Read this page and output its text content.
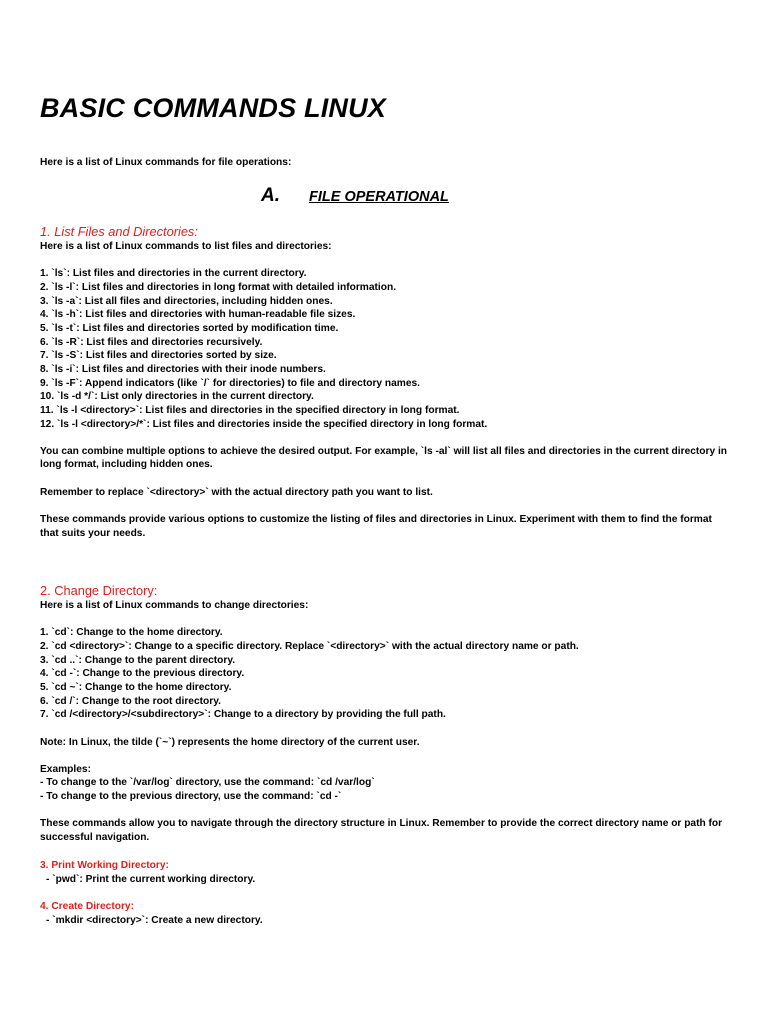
BASIC COMMANDS LINUX
Here is a list of Linux commands for file operations:
A. FILE OPERATIONAL
1. List Files and Directories:
Here is a list of Linux commands to list files and directories:
1. `ls`: List files and directories in the current directory.
2. `ls -l`: List files and directories in long format with detailed information.
3. `ls -a`: List all files and directories, including hidden ones.
4. `ls -h`: List files and directories with human-readable file sizes.
5. `ls -t`: List files and directories sorted by modification time.
6. `ls -R`: List files and directories recursively.
7. `ls -S`: List files and directories sorted by size.
8. `ls -i`: List files and directories with their inode numbers.
9. `ls -F`: Append indicators (like `/` for directories) to file and directory names.
10. `ls -d */`: List only directories in the current directory.
11. `ls -l <directory>`: List files and directories in the specified directory in long format.
12. `ls -l <directory>/*`: List files and directories inside the specified directory in long format.
You can combine multiple options to achieve the desired output. For example, `ls -al` will list all files and directories in the current directory in long format, including hidden ones.
Remember to replace `<directory>` with the actual directory path you want to list.
These commands provide various options to customize the listing of files and directories in Linux. Experiment with them to find the format that suits your needs.
2. Change Directory:
Here is a list of Linux commands to change directories:
1. `cd`: Change to the home directory.
2. `cd <directory>`: Change to a specific directory. Replace `<directory>` with the actual directory name or path.
3. `cd ..`: Change to the parent directory.
4. `cd -`: Change to the previous directory.
5. `cd ~`: Change to the home directory.
6. `cd /`: Change to the root directory.
7. `cd /<directory>/<subdirectory>`: Change to a directory by providing the full path.
Note: In Linux, the tilde (`~`) represents the home directory of the current user.
Examples:
- To change to the `/var/log` directory, use the command: `cd /var/log`
- To change to the previous directory, use the command: `cd -`
These commands allow you to navigate through the directory structure in Linux. Remember to provide the correct directory name or path for successful navigation.
3. Print Working Directory:
- `pwd`: Print the current working directory.
4. Create Directory:
- `mkdir <directory>`: Create a new directory.
